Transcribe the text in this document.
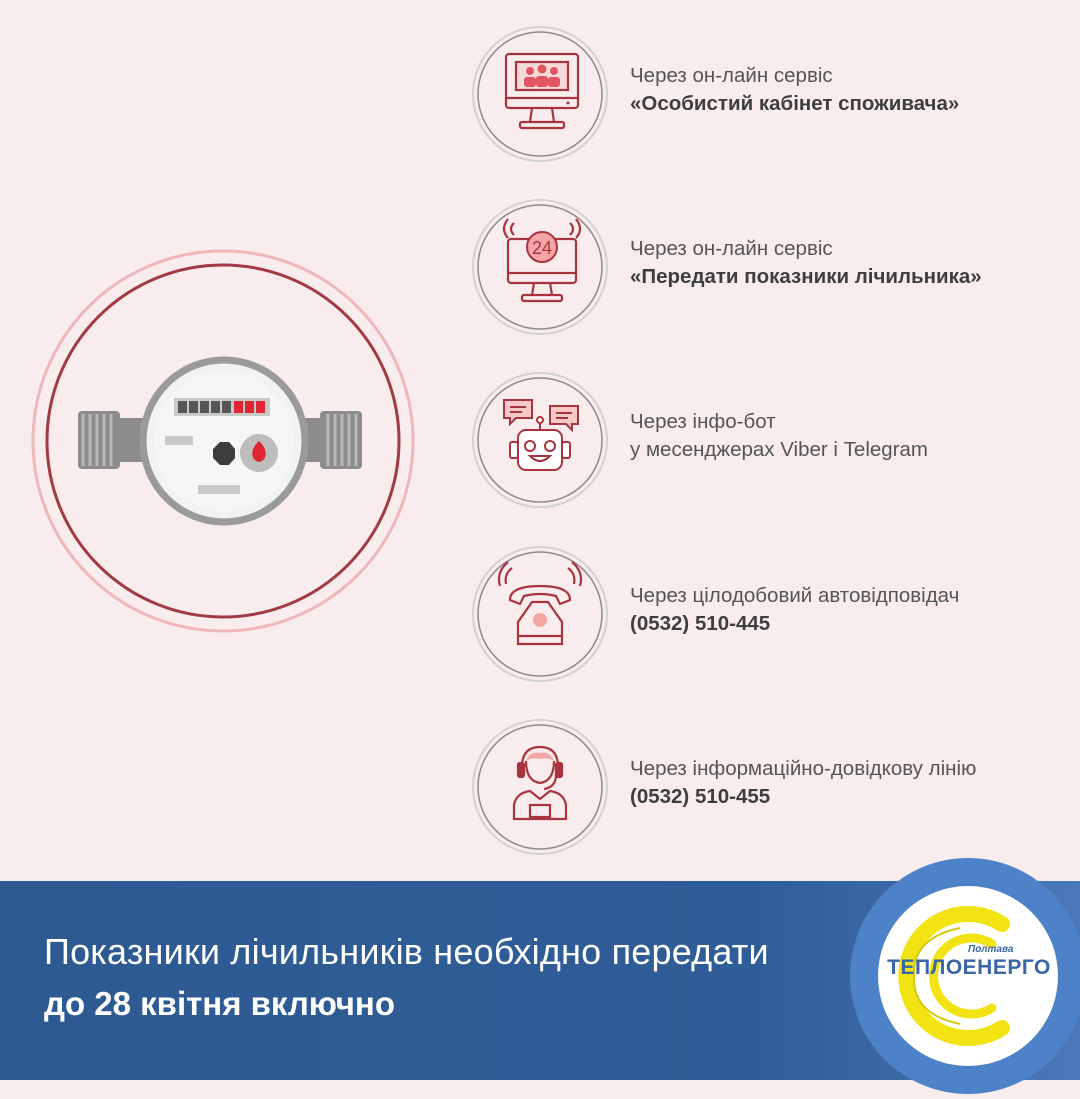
Через он-лайн сервіс
«Особистий кабінет споживача»
24	Через он-лайн сервіс
«Передати показники лічильника»
Через інфо-бот
у месенджерах Viber і Telegram
Через цілодобовий автовідповідач
(0532) 510-445
Через інформаційно-довідкову лінію
(0532) 510-455
Показники лічильників необхідно передати
до 28 квітня включно
Полтава
ТЕПЛОЕНЕРГО
